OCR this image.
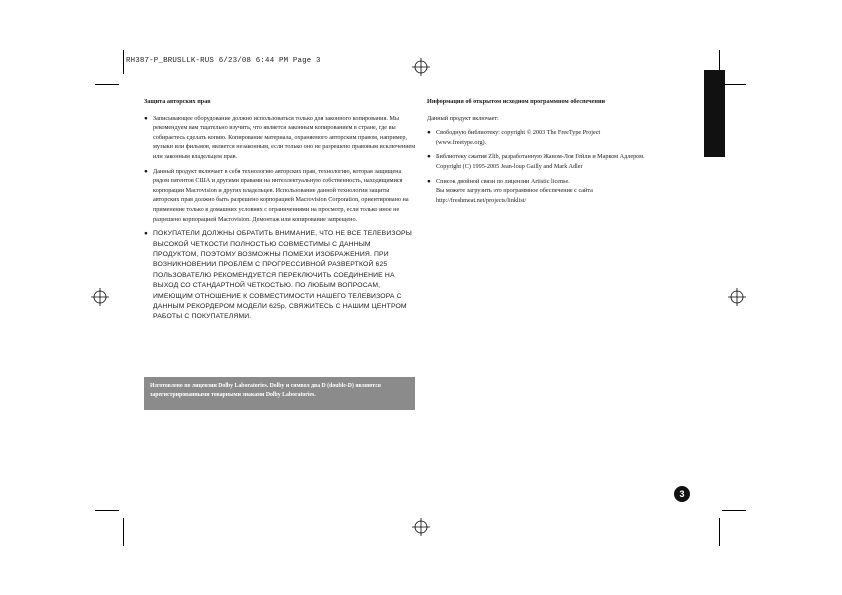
RH387-P_BRUSLLK-RUS 6/23/08 6:44 PM Page 3
Защита авторских прав
● Записывающее оборудование должно использоваться только для законного копирования. Мы рекомендуем вам тщательно изучить, что является законным копированием в стране, где вы собираетесь сделать копию. Копирование материала, охраняемого авторским правом, например, музыки или фильмов, является незаконным, если только оно не разрешено правовым исключением или законным владельцем прав.
● Данный продукт включает в себя технологию авторских прав, технологию, которая защищена рядом патентов США и другими правами на интеллектуальную собственность, находящимися корпорации Macrovision и других владельцев. Использование данной технологии защиты авторских прав должно быть разрешено корпорацией Macrovision Corporation, ориентировано на применение только в домашних условиях с ограничениями на просмотр, если только иное не разрешено корпорацией Macrovision. Демонтаж или копирование запрещено.
● ПОКУПАТЕЛИ ДОЛЖНЫ ОБРАТИТЬ ВНИМАНИЕ, ЧТО НЕ ВСЕ ТЕЛЕВИЗОРЫ ВЫСОКОЙ ЧЕТКОСТИ ПОЛНОСТЬЮ СОВМЕСТИМЫ С ДАННЫМ ПРОДУКТОМ, ПОЭТОМУ ВОЗМОЖНЫ ПОМЕХИ ИЗОБРАЖЕНИЯ. ПРИ ВОЗНИКНОВЕНИИ ПРОБЛЕМ С ПРОГРЕССИВНОЙ РАЗВЕРТКОЙ 625 ПОЛЬЗОВАТЕЛЮ РЕКОМЕНДУЕТСЯ ПЕРЕКЛЮЧИТЬ СОЕДИНЕНИЕ НА ВЫХОД СО СТАНДАРТНОЙ ЧЕТКОСТЬЮ. ПО ЛЮБЫМ ВОПРОСАМ, ИМЕЮЩИМ ОТНОШЕНИЕ К СОВМЕСТИМОСТИ НАШЕГО ТЕЛЕВИЗОРА С ДАННЫМ РЕКОРДЕРОМ МОДЕЛИ 625p, СВЯЖИТЕСЬ С НАШИМ ЦЕНТРОМ РАБОТЫ С ПОКУПАТЕЛЯМИ.
Изготовлено по лицензии Dolby Laboratories. Dolby и символ два D (double-D) являются зарегистрированными товарными знаками Dolby Laboratories.
Информация об открытом исходном программном обеспечении
Данный продукт включает:
● Свободную библиотеку: copyright © 2003 The FreeType Project
(www.freetype.org).
● Библиотеку сжатия Zlib, разработанную Жаном-Лоя Гейли и Марком Адлером.
Copyright (C) 1995-2005 Jean-loup Gailly and Mark Adler
● Список двойной связи по лицензии Artistic license.
Вы можете загрузить это программное обеспечение с сайта http://freshmeat.net/projects/linklist/
3
